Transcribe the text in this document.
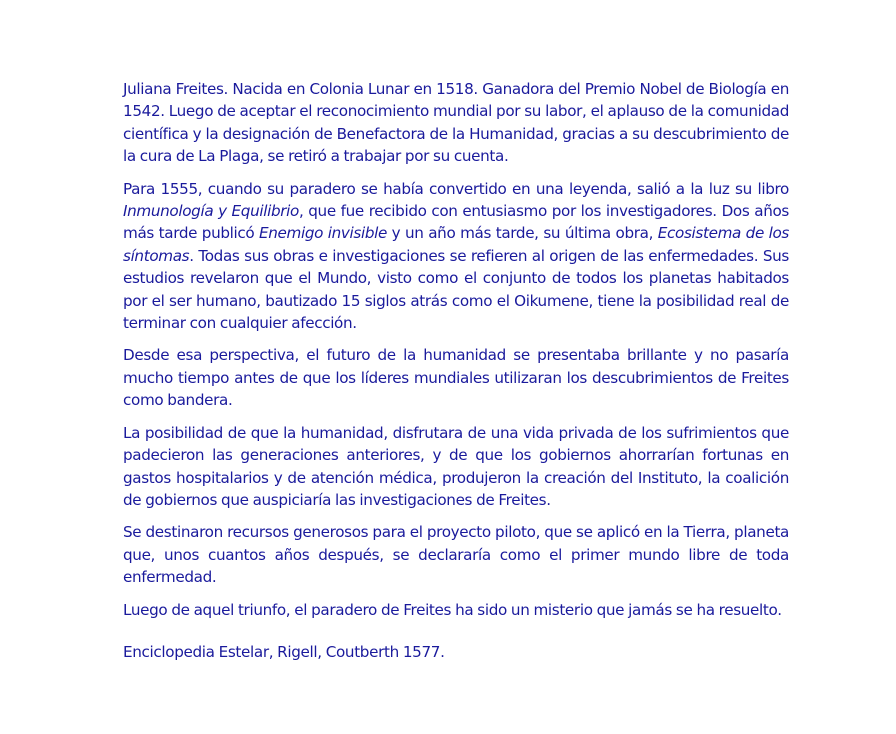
Juliana Freites. Nacida en Colonia Lunar en 1518. Ganadora del Premio Nobel de Biología en 1542. Luego de aceptar el reconocimiento mundial por su labor, el aplauso de la comunidad científica y la designación de Benefactora de la Humanidad, gracias a su descubrimiento de la cura de La Plaga, se retiró a trabajar por su cuenta.

Para 1555, cuando su paradero se había convertido en una leyenda, salió a la luz su libro Inmunología y Equilibrio, que fue recibido con entusiasmo por los investigadores. Dos años más tarde publicó Enemigo invisible y un año más tarde, su última obra, Ecosistema de los síntomas. Todas sus obras e investigaciones se refieren al origen de las enfermedades. Sus estudios revelaron que el Mundo, visto como el conjunto de todos los planetas habitados por el ser humano, bautizado 15 siglos atrás como el Oikumene, tiene la posibilidad real de terminar con cualquier afección.

Desde esa perspectiva, el futuro de la humanidad se presentaba brillante y no pasaría mucho tiempo antes de que los líderes mundiales utilizaran los descubrimientos de Freites como bandera.

La posibilidad de que la humanidad, disfrutara de una vida privada de los sufrimientos que padecieron las generaciones anteriores, y de que los gobiernos ahorrarían fortunas en gastos hospitalarios y de atención médica, produjeron la creación del Instituto, la coalición de gobiernos que auspiciaría las investigaciones de Freites.

Se destinaron recursos generosos para el proyecto piloto, que se aplicó en la Tierra, planeta que, unos cuantos años después, se declararía como el primer mundo libre de toda enfermedad.

Luego de aquel triunfo, el paradero de Freites ha sido un misterio que jamás se ha resuelto.

Enciclopedia Estelar, Rigell, Coutberth 1577.
